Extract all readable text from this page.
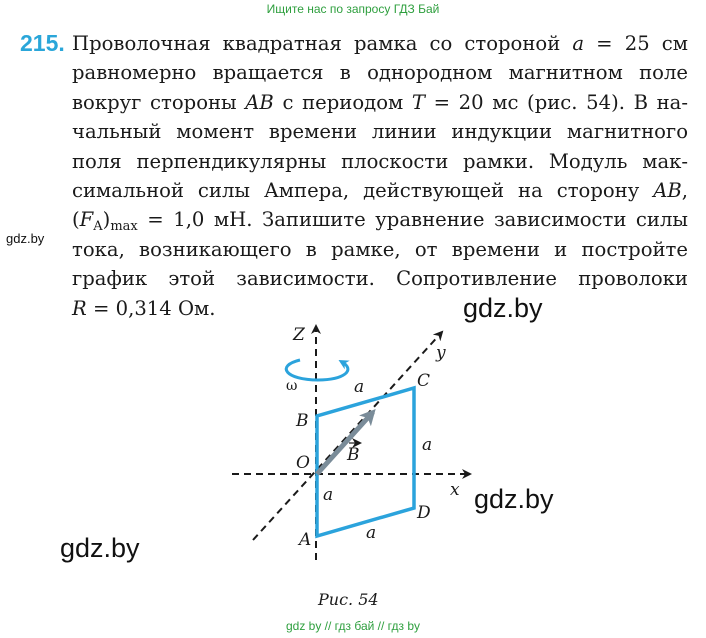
Ищите нас по запросу ГДЗ Бай
215. Проволочная квадратная рамка со стороной a = 25 см
равномерно вращается в однородном магнитном поле
вокруг стороны AB с периодом T = 20 мс (рис. 54). В на-
чальный момент времени линии индукции магнитного
поля перпендикулярны плоскости рамки. Модуль мак-
симальной силы Ампера, действующей на сторону AB,
$(F_A)_{max} = 1,0$ мН. Запишите уравнение зависимости силы
тока, возникающего в рамке, от времени и постройте
график этой зависимости. Сопротивление проволоки
R = 0,314 Ом.
gdz.by
gdz.by
gdz.by
gdz.by
Z
y
x
ω	a
a
a
a
A
B
C
D
O B
Рис. 54
gdz by // гдз бай // гдз by
